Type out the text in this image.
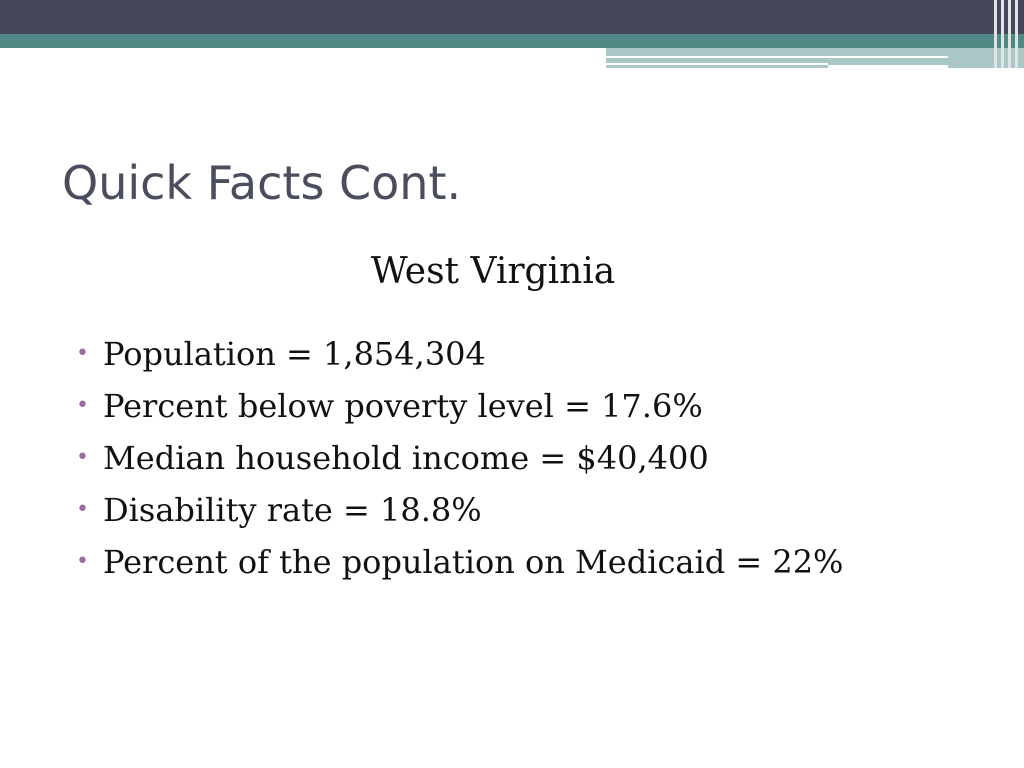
Quick Facts Cont.
West Virginia
• Population = 1,854,304
• Percent below poverty level = 17.6%
• Median household income = $40,400
• Disability rate = 18.8%
• Percent of the population on Medicaid = 22%
